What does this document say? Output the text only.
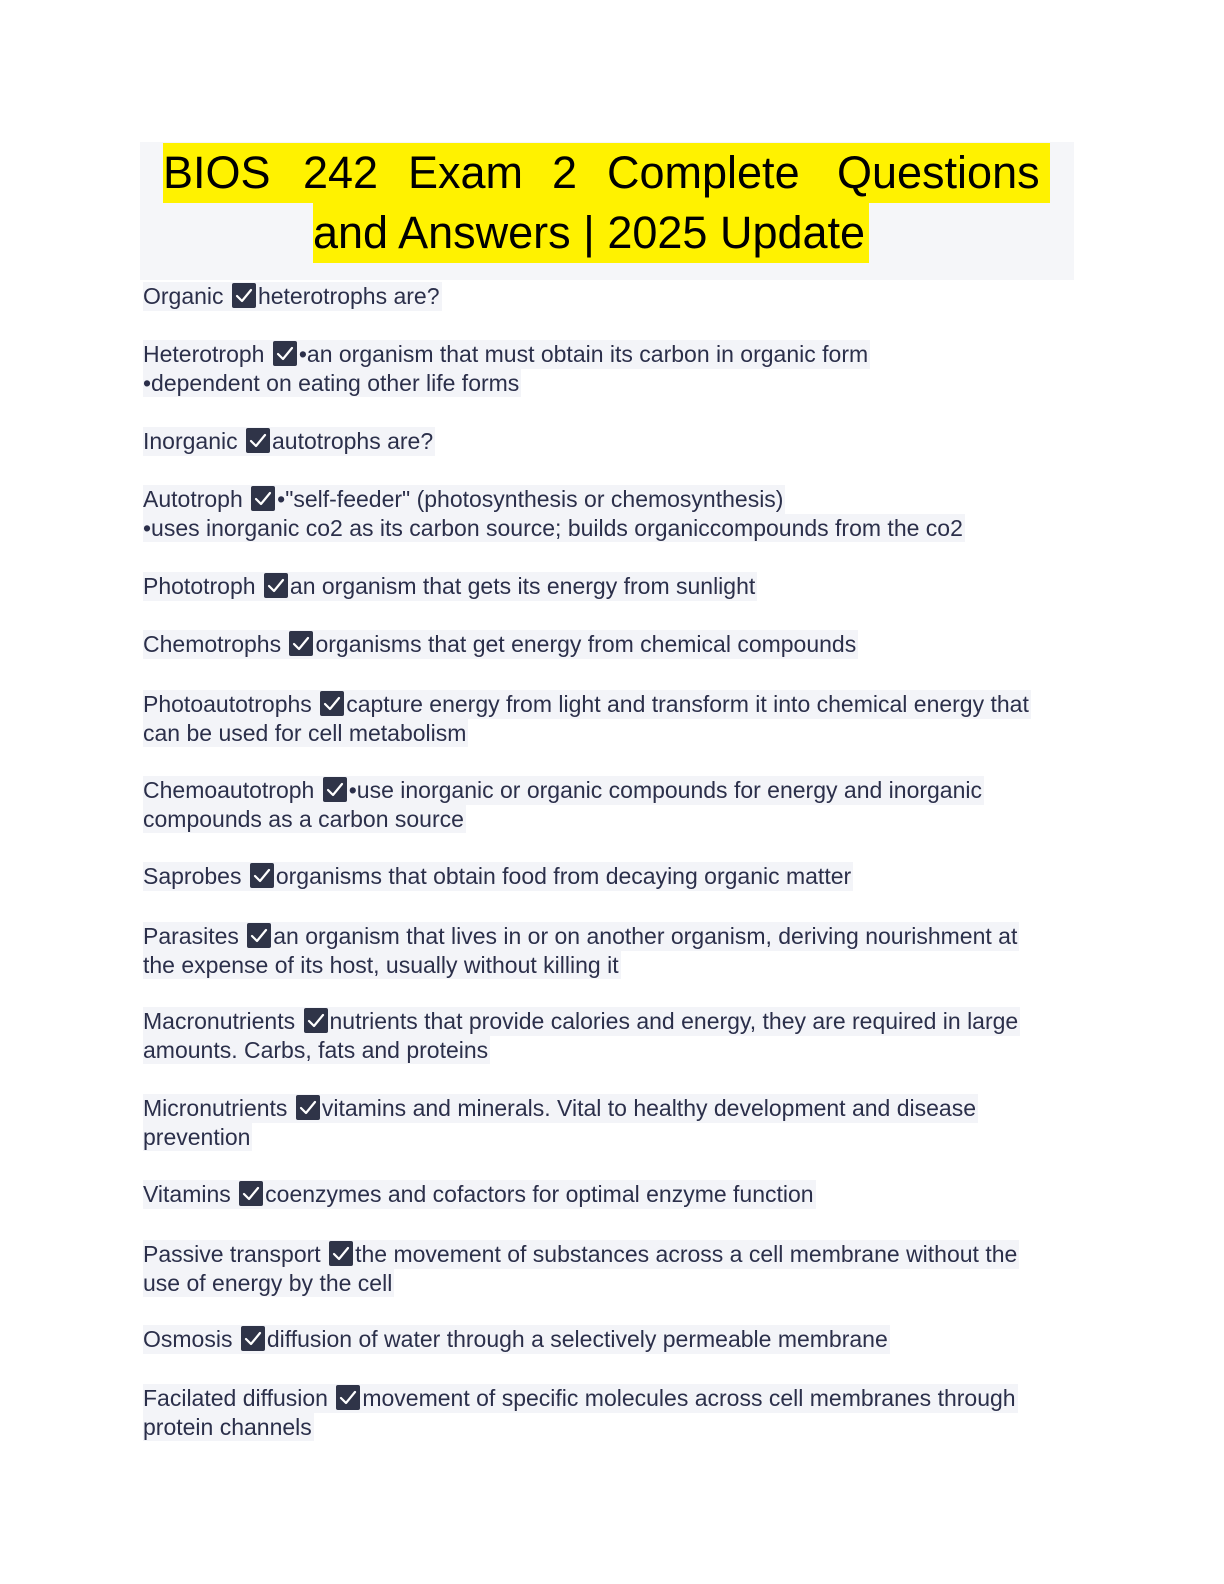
BIOS 242 Exam 2 Complete Questions
and Answers | 2025 Update
Organic
heterotrophs are?
Heterotroph
•an organism that must obtain its carbon in organic form
•dependent on eating other life forms
Inorganic
autotrophs are?
Autotroph
•"self-feeder" (photosynthesis or chemosynthesis)
•uses inorganic co2 as its carbon source; builds organiccompounds from the co2
Phototroph
an organism that gets its energy from sunlight
Chemotrophs
organisms that get energy from chemical compounds
Photoautotrophs
capture energy from light and transform it into chemical energy that
can be used for cell metabolism
Chemoautotroph
•use inorganic or organic compounds for energy and inorganic
compounds as a carbon source
Saprobes
organisms that obtain food from decaying organic matter
Parasites
an organism that lives in or on another organism, deriving nourishment at
the expense of its host, usually without killing it
Macronutrients
nutrients that provide calories and energy, they are required in large
amounts. Carbs, fats and proteins
Micronutrients
vitamins and minerals. Vital to healthy development and disease
prevention
Vitamins
coenzymes and cofactors for optimal enzyme function
Passive transport
the movement of substances across a cell membrane without the
use of energy by the cell
Osmosis
diffusion of water through a selectively permeable membrane
Facilated diffusion
movement of specific molecules across cell membranes through
protein channels
